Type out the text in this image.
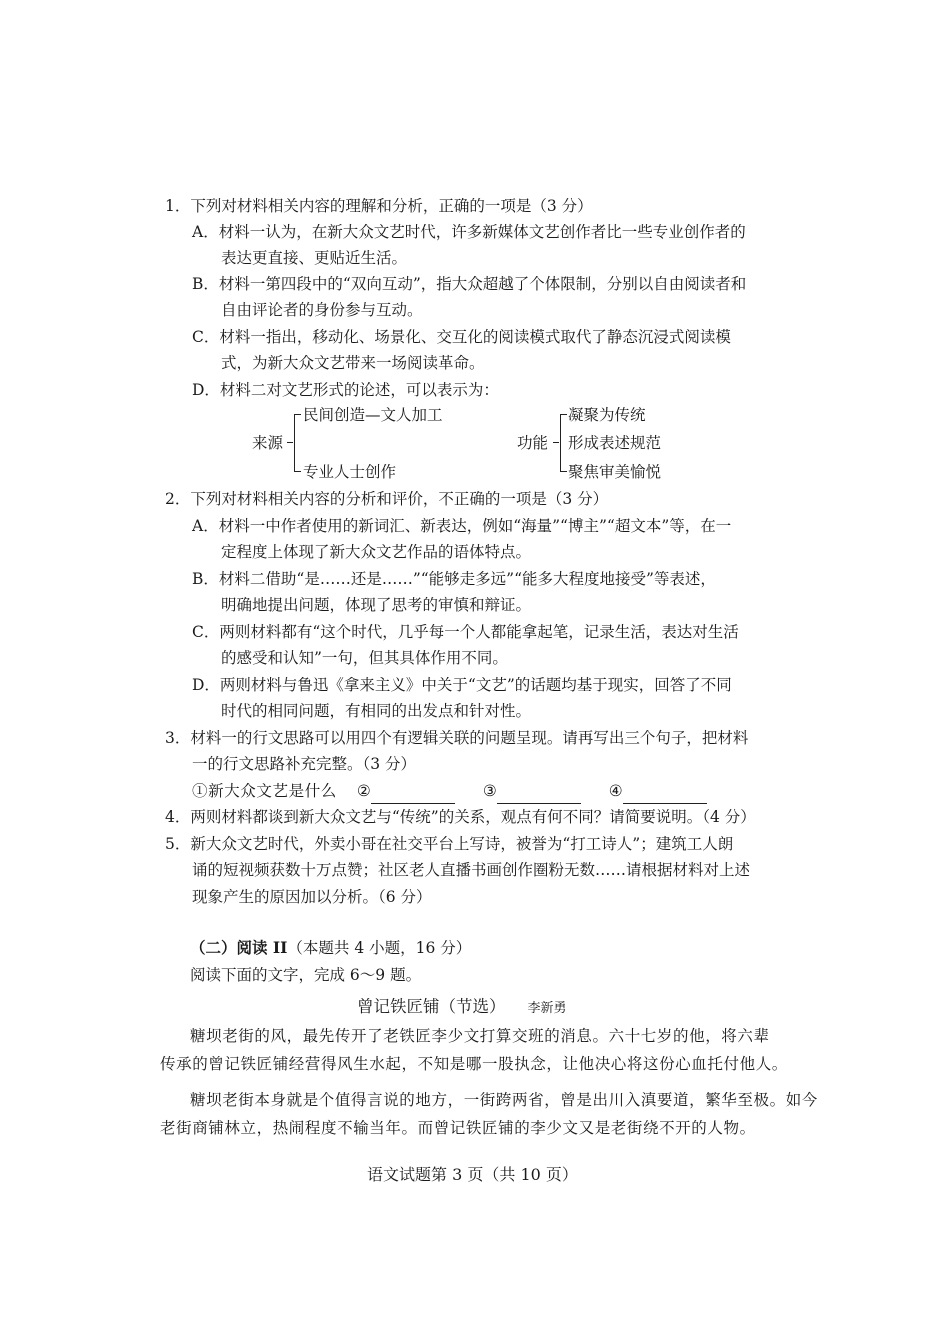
1．下列对材料相关内容的理解和分析，正确的一项是（3 分）
A．材料一认为，在新大众文艺时代，许多新媒体文艺创作者比一些专业创作者的
表达更直接、更贴近生活。
B．材料一第四段中的“双向互动”，指大众超越了个体限制，分别以自由阅读者和
自由评论者的身份参与互动。
C．材料一指出，移动化、场景化、交互化的阅读模式取代了静态沉浸式阅读模
式，为新大众文艺带来一场阅读革命。
D．材料二对文艺形式的论述，可以表示为：
来源
民间创造—文人加工
专业人士创作
功能
凝聚为传统
形成表述规范
聚焦审美愉悦
2．下列对材料相关内容的分析和评价，不正确的一项是（3 分）
A．材料一中作者使用的新词汇、新表达，例如“海量”“博主”“超文本”等，在一
定程度上体现了新大众文艺作品的语体特点。
B．材料二借助“是……还是……”“能够走多远”“能多大程度地接受”等表述，
明确地提出问题，体现了思考的审慎和辩证。
C．两则材料都有“这个时代，几乎每一个人都能拿起笔，记录生活，表达对生活
的感受和认知”一句，但其具体作用不同。
D．两则材料与鲁迅《拿来主义》中关于“文艺”的话题均基于现实，回答了不同
时代的相同问题，有相同的出发点和针对性。
3．材料一的行文思路可以用四个有逻辑关联的问题呈现。请再写出三个句子，把材料
一的行文思路补充完整。（3 分）
①新大众文艺是什么 ②	③	④
4．两则材料都谈到新大众文艺与“传统”的关系，观点有何不同？请简要说明。（4 分）
5．新大众文艺时代，外卖小哥在社交平台上写诗，被誉为“打工诗人”；建筑工人朗
诵的短视频获数十万点赞；社区老人直播书画创作圈粉无数……请根据材料对上述
现象产生的原因加以分析。（6 分）
（二）阅读 II（本题共 4 小题，16 分）
阅读下面的文字，完成 6～9 题。
曾记铁匠铺（节选） 李新勇
糖坝老街的风，最先传开了老铁匠李少文打算交班的消息。六十七岁的他，将六辈
传承的曾记铁匠铺经营得风生水起，不知是哪一股执念，让他决心将这份心血托付他人。
糖坝老街本身就是个值得言说的地方，一街跨两省，曾是出川入滇要道，繁华至极。如今
老街商铺林立，热闹程度不输当年。而曾记铁匠铺的李少文又是老街绕不开的人物。
语文试题第 3 页（共 10 页）
